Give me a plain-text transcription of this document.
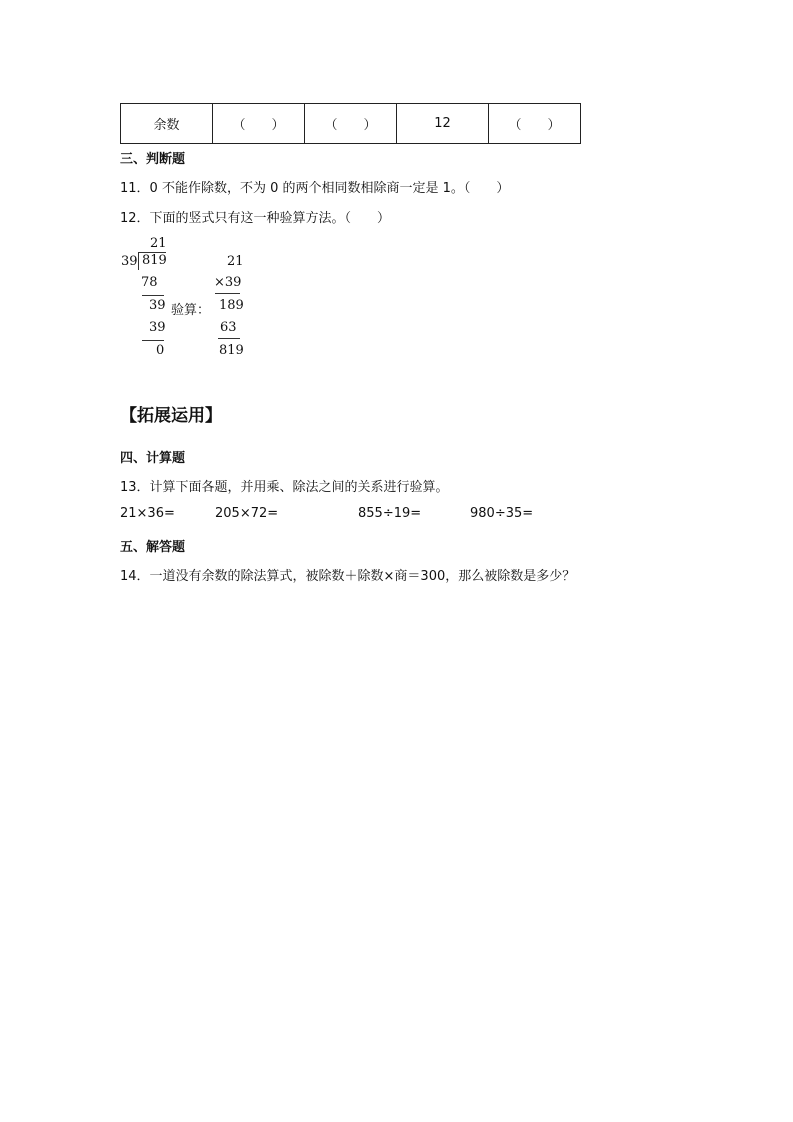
余数	（　　）	（　　）	12	（　　）
三、判断题
11．0 不能作除数，不为 0 的两个相同数相除商一定是 1。（　　）
12．下面的竖式只有这一种验算方法。（　　）
21
39 819
78
39
39
0
验算：
21
×39
189
63
819
【拓展运用】
四、计算题
13．计算下面各题，并用乘、除法之间的关系进行验算。
21×36=	205×72=	855÷19=	980÷35=
五、解答题
14．一道没有余数的除法算式，被除数＋除数×商＝300，那么被除数是多少？
